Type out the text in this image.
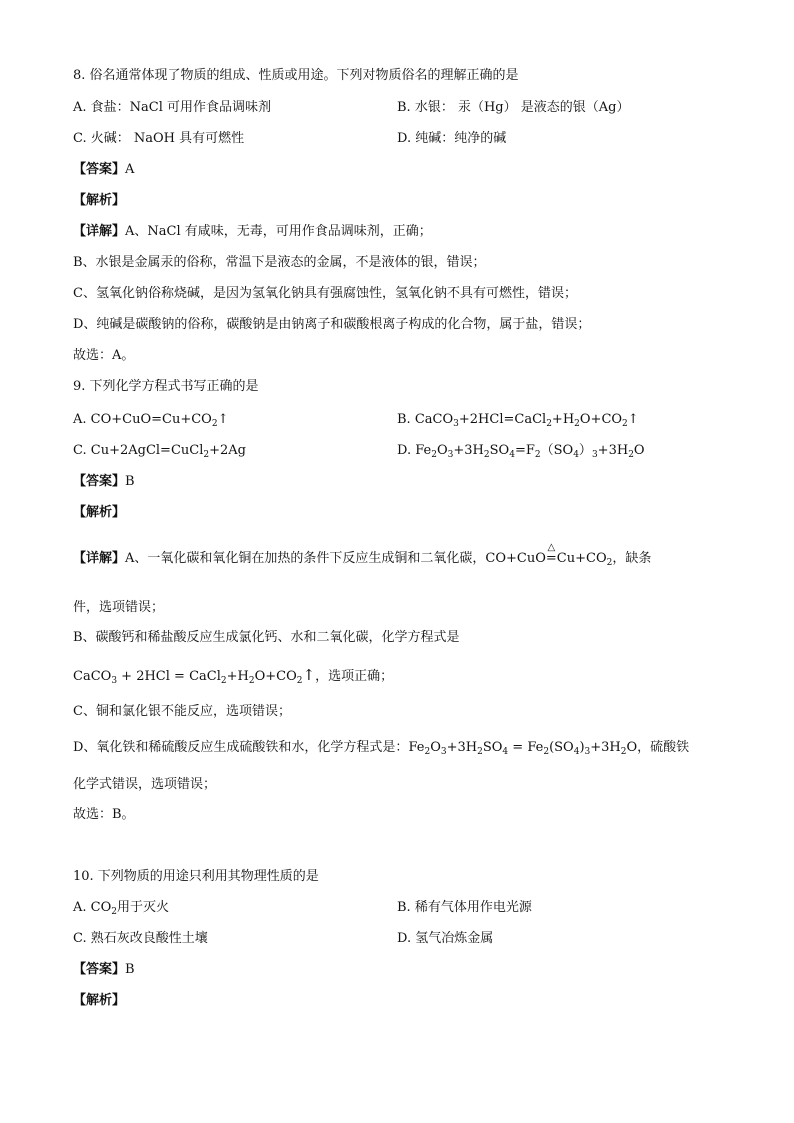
8. 俗名通常体现了物质的组成、性质或用途。下列对物质俗名的理解正确的是
A. 食盐：NaCl 可用作食品调味剂	B. 水银： 汞（Hg） 是液态的银（Ag）
C. 火碱： NaOH 具有可燃性	D. 纯碱：纯净的碱
【答案】A
【解析】
【详解】A、NaCl 有咸味，无毒，可用作食品调味剂，正确；
B、水银是金属汞的俗称，常温下是液态的金属，不是液体的银，错误；
C、氢氧化钠俗称烧碱，是因为氢氧化钠具有强腐蚀性，氢氧化钠不具有可燃性，错误；
D、纯碱是碳酸钠的俗称，碳酸钠是由钠离子和碳酸根离子构成的化合物，属于盐，错误；
故选：A。
9. 下列化学方程式书写正确的是
A. $CO+CuO=Cu+CO_2↑$	B. $CaCO_3+2HCl=CaCl_2+H_2O+CO_2↑$
C. Cu+2AgCl=CuCl$_2$+2Ag	D. $Fe_2O_3+3H_2SO_4=F_2(SO_4)_3+3H_2O$
【答案】B
【解析】
【详解】A、一氧化碳和氧化铜在加热的条件下反应生成铜和二氧化碳，CO+CuO
△
$=Cu+CO_2$，缺条
件，选项错误；
B、碳酸钙和稀盐酸反应生成氯化钙、水和二氧化碳，化学方程式是
CaCO$_3$ + $2HCl = CaCl_2+H_2O+CO_2↑$，选项正确；
C、铜和氯化银不能反应，选项错误；
D、氧化铁和稀硫酸反应生成硫酸铁和水，化学方程式是：$Fe_2O_3+3H_2SO_4 = Fe_2(SO_4)_3+3H_2O$，硫酸铁
化学式错误，选项错误；
故选：B。
10. 下列物质的用途只利用其物理性质的是
A. $CO_2$用于灭火	B. 稀有气体用作电光源
C. 熟石灰改良酸性土壤	D. 氢气冶炼金属
【答案】B
【解析】
